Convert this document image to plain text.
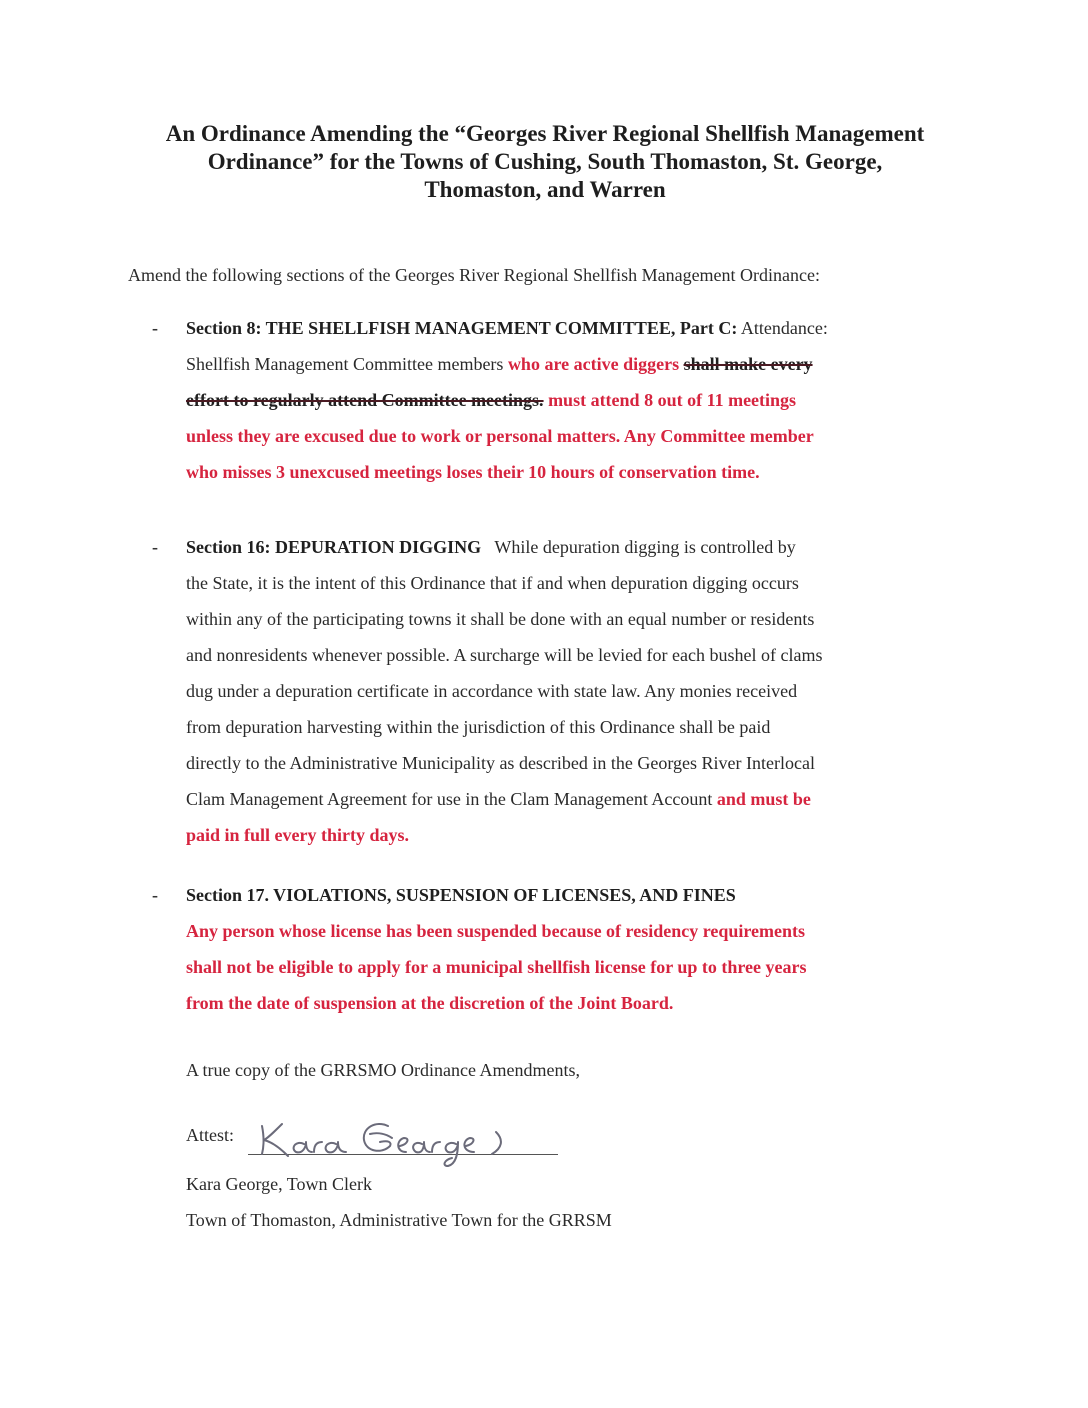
An Ordinance Amending the “Georges River Regional Shellfish Management
Ordinance” for the Towns of Cushing, South Thomaston, St. George,
Thomaston, and Warren
Amend the following sections of the Georges River Regional Shellfish Management Ordinance:
- Section 8: THE SHELLFISH MANAGEMENT COMMITTEE, Part C: Attendance:
Shellfish Management Committee members who are active diggers shall make every
effort to regularly attend Committee meetings. must attend 8 out of 11 meetings
unless they are excused due to work or personal matters. Any Committee member
who misses 3 unexcused meetings loses their 10 hours of conservation time.
- Section 16: DEPURATION DIGGING While depuration digging is controlled by
the State, it is the intent of this Ordinance that if and when depuration digging occurs
within any of the participating towns it shall be done with an equal number or residents
and nonresidents whenever possible. A surcharge will be levied for each bushel of clams
dug under a depuration certificate in accordance with state law. Any monies received
from depuration harvesting within the jurisdiction of this Ordinance shall be paid
directly to the Administrative Municipality as described in the Georges River Interlocal
Clam Management Agreement for use in the Clam Management Account and must be
paid in full every thirty days.
- Section 17. VIOLATIONS, SUSPENSION OF LICENSES, AND FINES
Any person whose license has been suspended because of residency requirements
shall not be eligible to apply for a municipal shellfish license for up to three years
from the date of suspension at the discretion of the Joint Board.
A true copy of the GRRSMO Ordinance Amendments,
Attest:
Kara George, Town Clerk
Town of Thomaston, Administrative Town for the GRRSM
